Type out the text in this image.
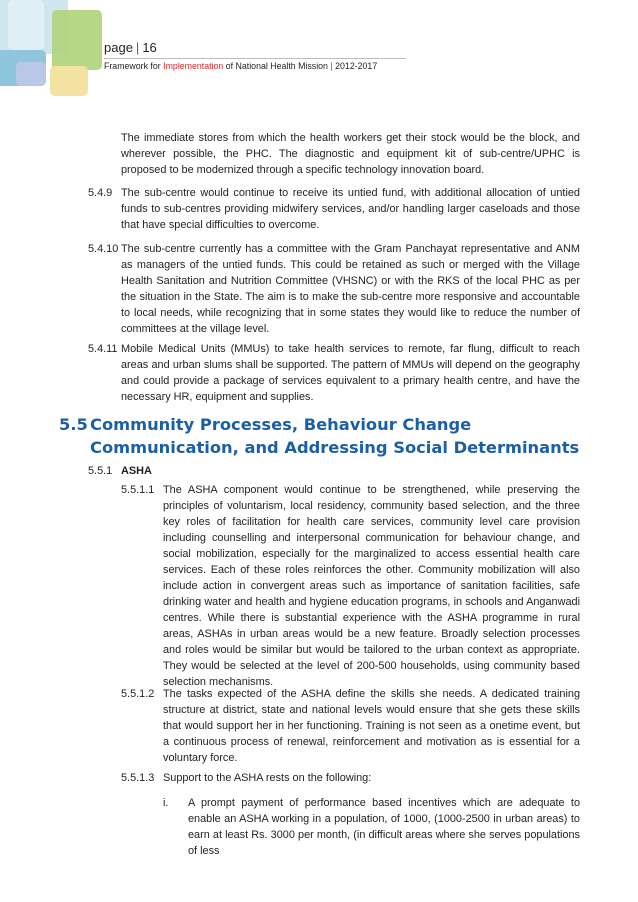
page | 16
Framework for Implementation of National Health Mission | 2012-2017

The immediate stores from which the health workers get their stock would be the block, and wherever possible, the PHC. The diagnostic and equipment kit of sub-centre/UPHC is proposed to be modernized through a specific technology innovation board.

5.4.9 The sub-centre would continue to receive its untied fund, with additional allocation of untied funds to sub-centres providing midwifery services, and/or handling larger caseloads and those that have special difficulties to overcome.

5.4.10 The sub-centre currently has a committee with the Gram Panchayat representative and ANM as managers of the untied funds. This could be retained as such or merged with the Village Health Sanitation and Nutrition Committee (VHSNC) or with the RKS of the local PHC as per the situation in the State. The aim is to make the sub-centre more responsive and accountable to local needs, while recognizing that in some states they would like to reduce the number of committees at the village level.

5.4.11 Mobile Medical Units (MMUs) to take health services to remote, far flung, difficult to reach areas and urban slums shall be supported. The pattern of MMUs will depend on the geography and could provide a package of services equivalent to a primary health centre, and have the necessary HR, equipment and supplies.

5.5 Community Processes, Behaviour Change Communication, and Addressing Social Determinants
5.5.1 ASHA
5.5.1.1 The ASHA component would continue to be strengthened, while preserving the principles of voluntarism, local residency, community based selection, and the three key roles of facilitation for health care services, community level care provision including counselling and interpersonal communication for behaviour change, and social mobilization, especially for the marginalized to access essential health care services. Each of these roles reinforces the other. Community mobilization will also include action in convergent areas such as importance of sanitation facilities, safe drinking water and health and hygiene education programs, in schools and Anganwadi centres. While there is substantial experience with the ASHA programme in rural areas, ASHAs in urban areas would be a new feature. Broadly selection processes and roles would be similar but would be tailored to the urban context as appropriate. They would be selected at the level of 200-500 households, using community based selection mechanisms.

5.5.1.2 The tasks expected of the ASHA define the skills she needs. A dedicated training structure at district, state and national levels would ensure that she gets these skills that would support her in her functioning. Training is not seen as a onetime event, but a continuous process of renewal, reinforcement and motivation as is essential for a voluntary force.

5.5.1.3 Support to the ASHA rests on the following:

i. A prompt payment of performance based incentives which are adequate to enable an ASHA working in a population, of 1000, (1000-2500 in urban areas) to earn at least Rs. 3000 per month, (in difficult areas where she serves populations of less
